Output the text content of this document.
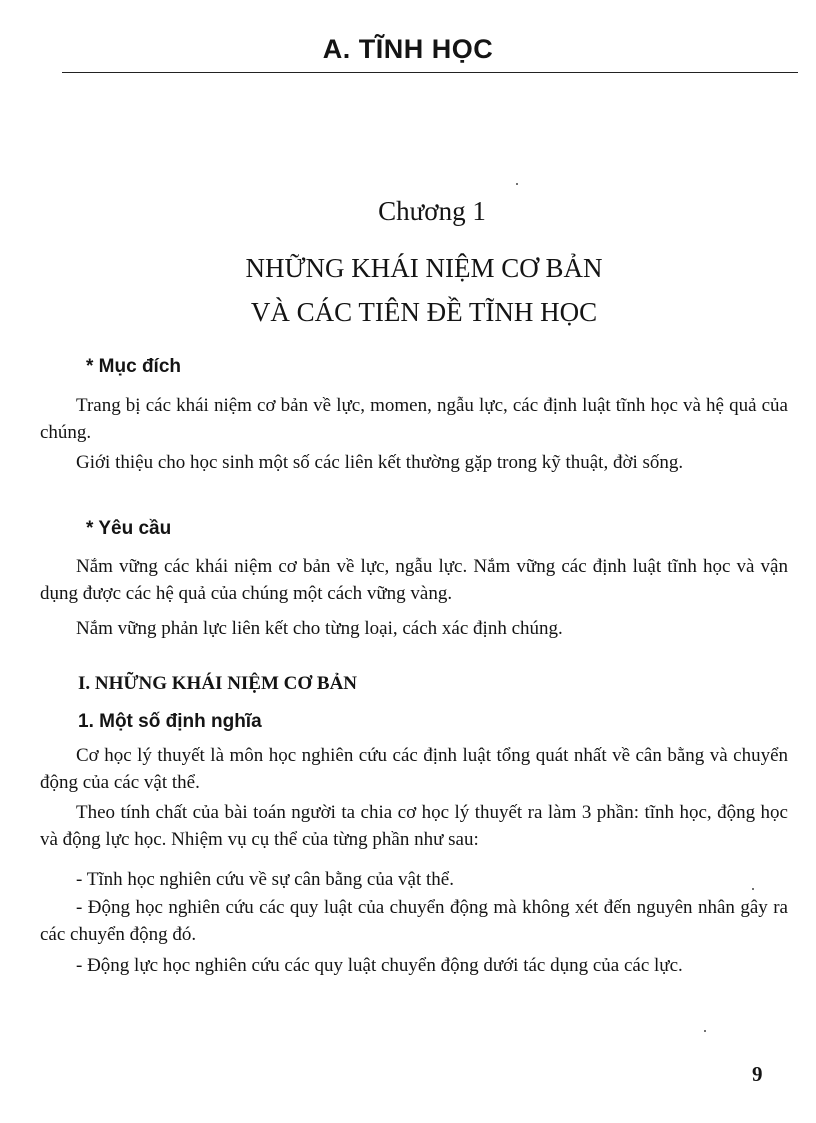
A. TĨNH HỌC
Chương 1
NHỮNG KHÁI NIỆM CƠ BẢN
VÀ CÁC TIÊN ĐỀ TĨNH HỌC
* Mục đích

Trang bị các khái niệm cơ bản về lực, momen, ngẫu lực, các định luật tĩnh học và hệ quả của chúng.

Giới thiệu cho học sinh một số các liên kết thường gặp trong kỹ thuật, đời sống.

* Yêu cầu

Nắm vững các khái niệm cơ bản về lực, ngẫu lực. Nắm vững các định luật tĩnh học và vận dụng được các hệ quả của chúng một cách vững vàng.

Nắm vững phản lực liên kết cho từng loại, cách xác định chúng.

I. NHỮNG KHÁI NIỆM CƠ BẢN
1. Một số định nghĩa

Cơ học lý thuyết là môn học nghiên cứu các định luật tổng quát nhất về cân bằng và chuyển động của các vật thể.

Theo tính chất của bài toán người ta chia cơ học lý thuyết ra làm 3 phần: tĩnh học, động học và động lực học. Nhiệm vụ cụ thể của từng phần như sau:

- Tĩnh học nghiên cứu về sự cân bằng của vật thể.

- Động học nghiên cứu các quy luật của chuyển động mà không xét đến nguyên nhân gây ra các chuyển động đó.

- Động lực học nghiên cứu các quy luật chuyển động dưới tác dụng của các lực.

9
